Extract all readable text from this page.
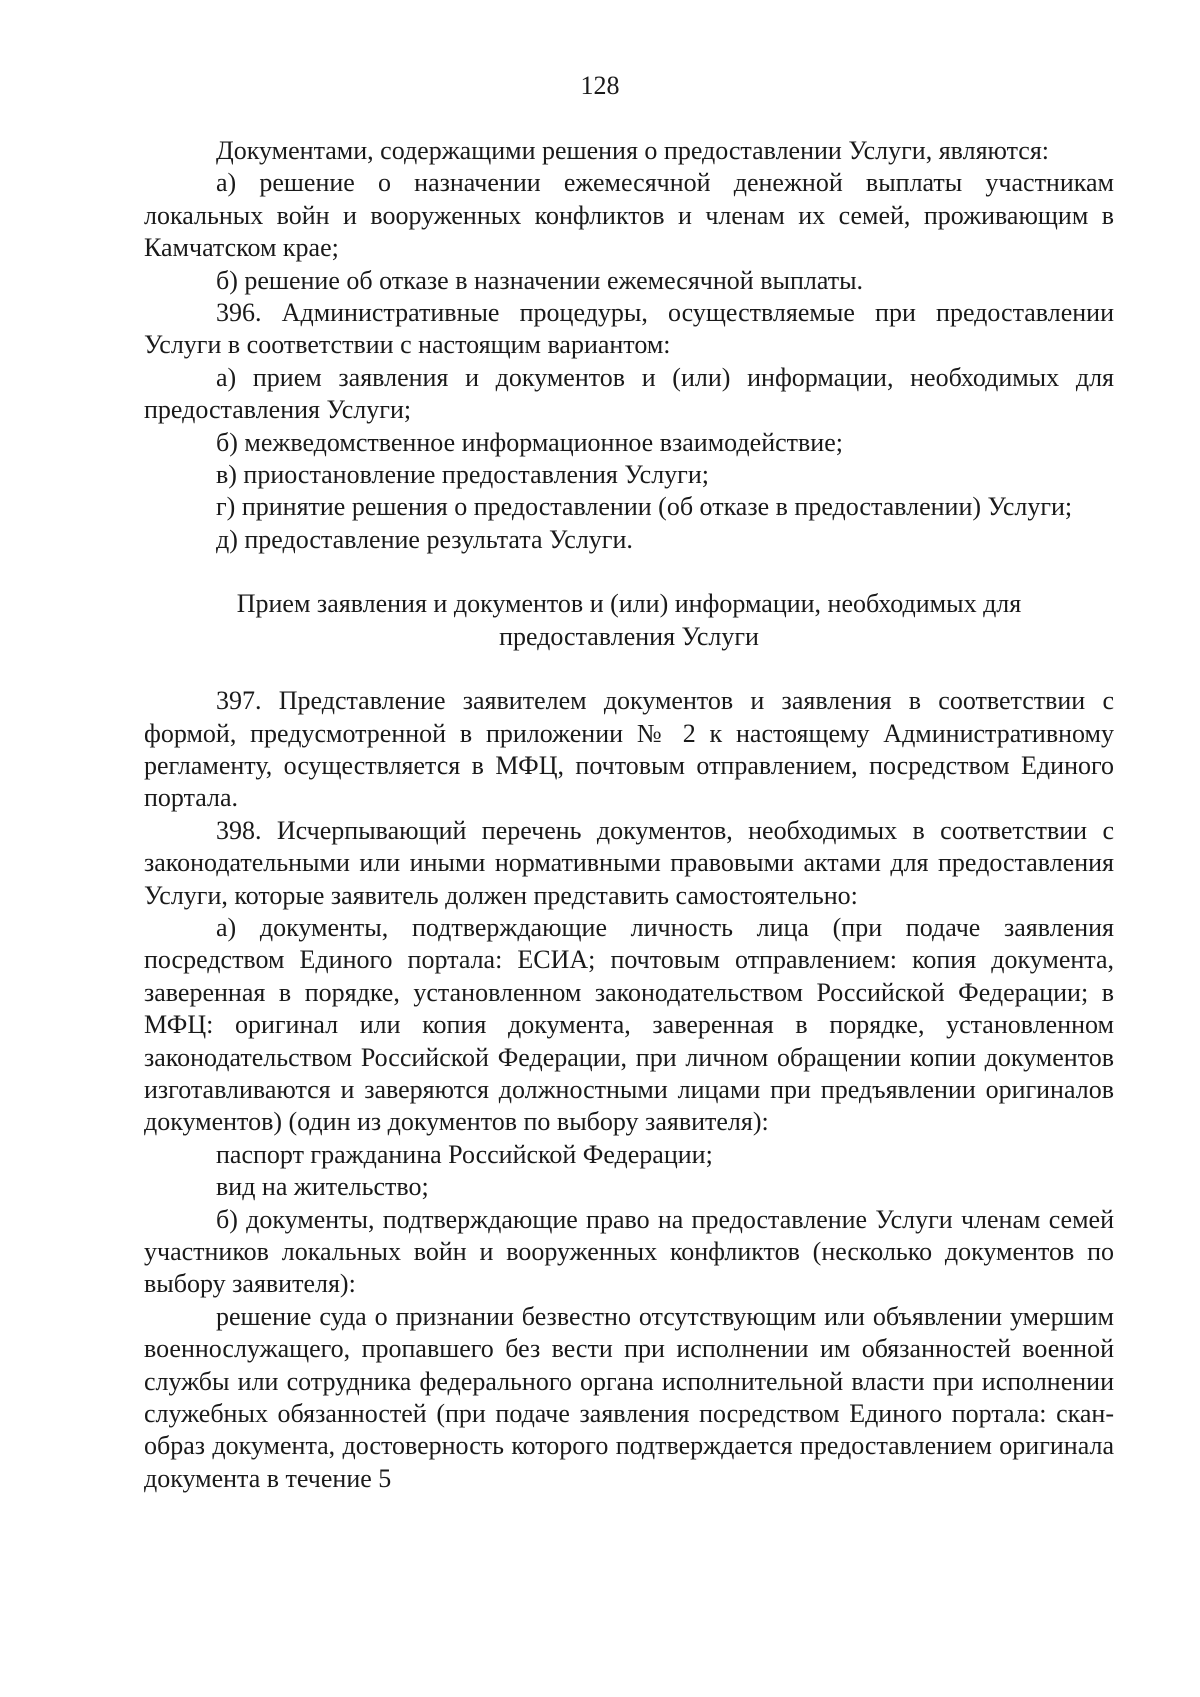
128

Документами, содержащими решения о предоставлении Услуги, являются:

а) решение о назначении ежемесячной денежной выплаты участникам локальных войн и вооруженных конфликтов и членам их семей, проживающим в Камчатском крае;

б) решение об отказе в назначении ежемесячной выплаты.

396. Административные процедуры, осуществляемые при предоставлении Услуги в соответствии с настоящим вариантом:

а) прием заявления и документов и (или) информации, необходимых для предоставления Услуги;

б) межведомственное информационное взаимодействие;

в) приостановление предоставления Услуги;

г) принятие решения о предоставлении (об отказе в предоставлении) Услуги;

д) предоставление результата Услуги.

Прием заявления и документов и (или) информации, необходимых для

предоставления Услуги

397. Представление заявителем документов и заявления в соответствии с формой, предусмотренной в приложении № 2 к настоящему Административному регламенту, осуществляется в МФЦ, почтовым отправлением, посредством Единого портала.

398. Исчерпывающий перечень документов, необходимых в соответствии с законодательными или иными нормативными правовыми актами для предоставления Услуги, которые заявитель должен представить самостоятельно:

а) документы, подтверждающие личность лица (при подаче заявления посредством Единого портала: ЕСИА; почтовым отправлением: копия документа, заверенная в порядке, установленном законодательством Российской Федерации; в МФЦ: оригинал или копия документа, заверенная в порядке, установленном законодательством Российской Федерации, при личном обращении копии документов изготавливаются и заверяются должностными лицами при предъявлении оригиналов документов) (один из документов по выбору заявителя):

паспорт гражданина Российской Федерации;

вид на жительство;

б) документы, подтверждающие право на предоставление Услуги членам семей участников локальных войн и вооруженных конфликтов (несколько документов по выбору заявителя):

решение суда о признании безвестно отсутствующим или объявлении умершим военнослужащего, пропавшего без вести при исполнении им обязанностей военной службы или сотрудника федерального органа исполнительной власти при исполнении служебных обязанностей (при подаче заявления посредством Единого портала: скан-образ документа, достоверность которого подтверждается предоставлением оригинала документа в течение 5
